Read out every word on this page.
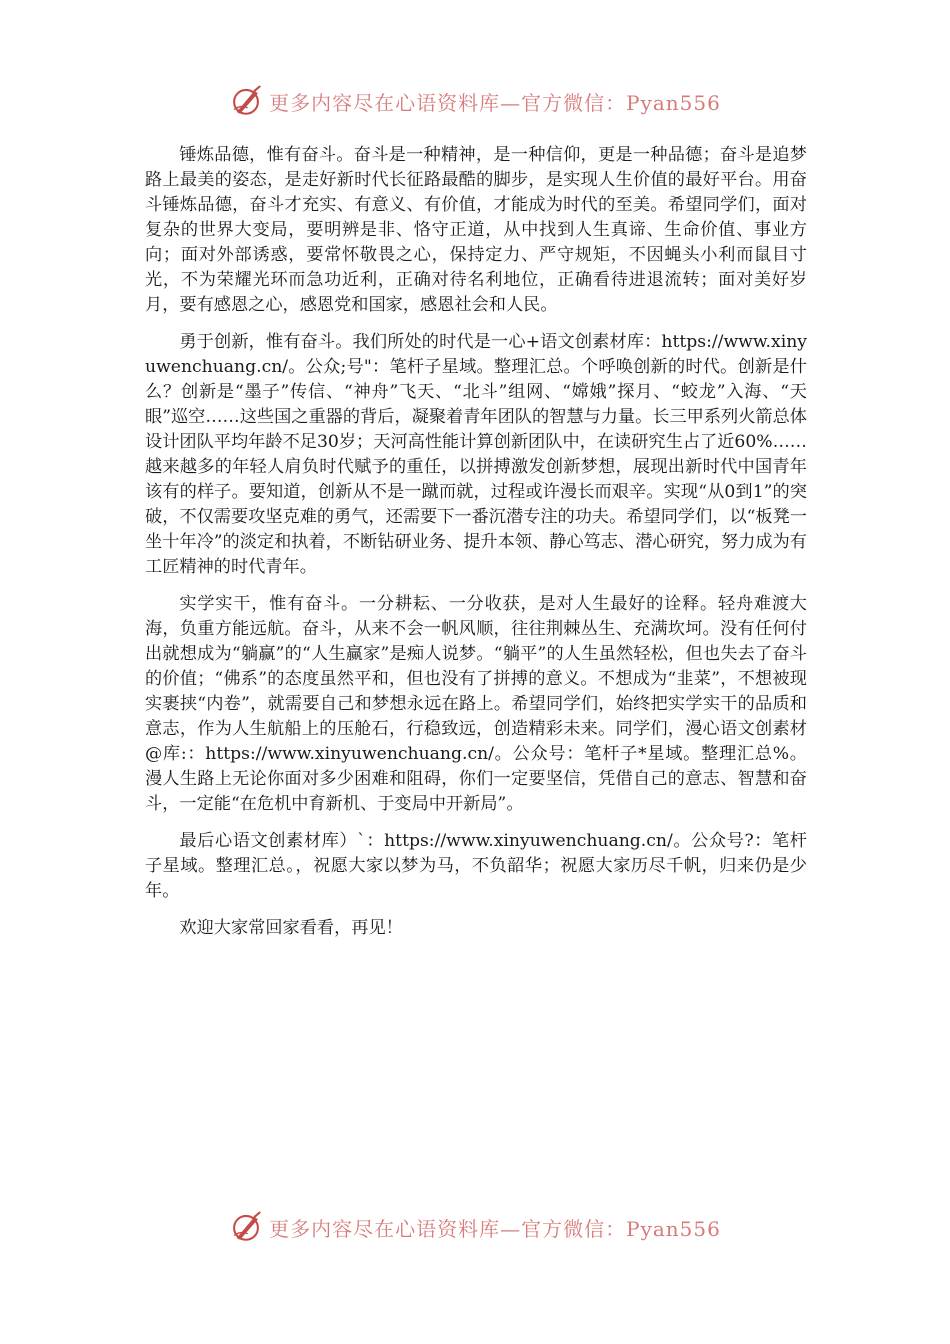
更多内容尽在心语资料库—官方微信：Pyan556

锤炼品德，惟有奋斗。奋斗是一种精神，是一种信仰，更是一种品德；奋斗是追梦路上最美的姿态，是走好新时代长征路最酷的脚步，是实现人生价值的最好平台。用奋斗锤炼品德，奋斗才充实、有意义、有价值，才能成为时代的至美。希望同学们，面对复杂的世界大变局，要明辨是非、恪守正道，从中找到人生真谛、生命价值、事业方向；面对外部诱惑，要常怀敬畏之心，保持定力、严守规矩，不因蝇头小利而鼠目寸光，不为荣耀光环而急功近利，正确对待名利地位，正确看待进退流转；面对美好岁月，要有感恩之心，感恩党和国家，感恩社会和人民。

勇于创新，惟有奋斗。我们所处的时代是一心+语文创素材库：https://www.xinyuwenchuang.cn/。公众;号"：笔杆子星域。整理汇总。个呼唤创新的时代。创新是什么？创新是“墨子”传信、“神舟”飞天、“北斗”组网、“嫦娥”探月、“蛟龙”入海、“天眼”巡空……这些国之重器的背后，凝聚着青年团队的智慧与力量。长三甲系列火箭总体设计团队平均年龄不足30岁；天河高性能计算创新团队中，在读研究生占了近60%……越来越多的年轻人肩负时代赋予的重任，以拼搏激发创新梦想，展现出新时代中国青年该有的样子。要知道，创新从不是一蹴而就，过程或许漫长而艰辛。实现“从0到1”的突破，不仅需要攻坚克难的勇气，还需要下一番沉潜专注的功夫。希望同学们，以“板凳一坐十年冷”的淡定和执着，不断钻研业务、提升本领、静心笃志、潜心研究，努力成为有工匠精神的时代青年。

实学实干，惟有奋斗。一分耕耘、一分收获，是对人生最好的诠释。轻舟难渡大海，负重方能远航。奋斗，从来不会一帆风顺，往往荆棘丛生、充满坎坷。没有任何付出就想成为“躺赢”的“人生赢家”是痴人说梦。“躺平”的人生虽然轻松，但也失去了奋斗的价值；“佛系”的态度虽然平和，但也没有了拼搏的意义。不想成为“韭菜”，不想被现实裹挟“内卷”，就需要自己和梦想永远在路上。希望同学们，始终把实学实干的品质和意志，作为人生航船上的压舱石，行稳致远，创造精彩未来。同学们，漫心语文创素材@库:：https://www.xinyuwenchuang.cn/。公众号：笔杆子*星域。整理汇总%。漫人生路上无论你面对多少困难和阻碍，你们一定要坚信，凭借自己的意志、智慧和奋斗，一定能“在危机中育新机、于变局中开新局”。

最后心语文创素材库）`：https://www.xinyuwenchuang.cn/。公众号?：笔杆子星域。整理汇总。，祝愿大家以梦为马，不负韶华；祝愿大家历尽千帆，归来仍是少年。

欢迎大家常回家看看，再见！

更多内容尽在心语资料库—官方微信：Pyan556
